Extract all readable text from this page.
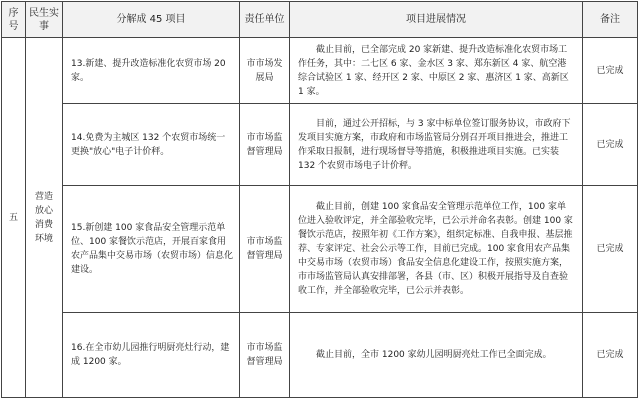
序号	民生实事	分解成 45 项目	责任单位	项目进展情况	备注
五	营造放心消费环境	13.新建、提升改造标准化农贸市场 20 家。	市市场发展局	截止目前，已全部完成 20 家新建、提升改造标准化农贸市场工作任务，其中：二七区 6 家、金水区 3 家、郑东新区 4 家、航空港综合试验区 1 家、经开区 2 家、中原区 2 家、惠济区 1 家、高新区 1 家。	已完成
		14.免费为主城区 132 个农贸市场统一更换"放心"电子计价秤。	市市场监督管理局	目前，通过公开招标，与 3 家中标单位签订服务协议，市政府下发项目实施方案，市政府和市场监管局分别召开项目推进会，推进工作采取日报制，进行现场督导等措施，积极推进项目实施。已实装 132 个农贸市场电子计价秤。	已完成
		15.新创建 100 家食品安全管理示范单位、100 家餐饮示范店，开展百家食用农产品集中交易市场（农贸市场）信息化建设。	市市场监督管理局	截止目前，创建 100 家食品安全管理示范单位工作，100 家单位进入验收评定，并全部验收完毕，已公示并命名表彰。创建 100 家餐饮示范店，按照年初《工作方案》，组织定标准、自我申报、基层推荐、专家评定、社会公示等工作，目前已完成。100 家食用农产品集中交易市场（农贸市场）食品安全信息化建设工作，按照实施方案，市市场监管局认真安排部署，各县（市、区）积极开展指导及自查验收工作，并全部验收完毕，已公示并表彰。	已完成
		16.在全市幼儿园推行明厨亮灶行动，建成 1200 家。	市市场监督管理局	截止目前，全市 1200 家幼儿园明厨亮灶工作已全面完成。	已完成
